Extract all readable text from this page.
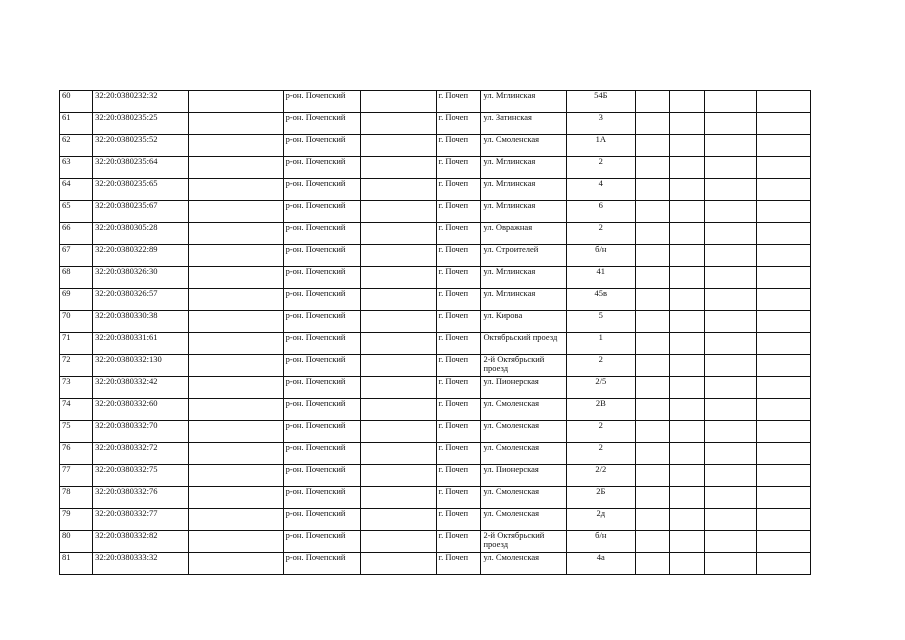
60	32:20:0380232:32		р-он. Почепский		г. Почеп	ул. Мглинская	54Б				
61	32:20:0380235:25		р-он. Почепский		г. Почеп	ул. Затинская	3				
62	32:20:0380235:52		р-он. Почепский		г. Почеп	ул. Смоленская	1А				
63	32:20:0380235:64		р-он. Почепский		г. Почеп	ул. Мглинская	2				
64	32:20:0380235:65		р-он. Почепский		г. Почеп	ул. Мглинская	4				
65	32:20:0380235:67		р-он. Почепский		г. Почеп	ул. Мглинская	6				
66	32:20:0380305:28		р-он. Почепский		г. Почеп	ул. Овражная	2				
67	32:20:0380322:89		р-он. Почепский		г. Почеп	ул. Строителей	б/н				
68	32:20:0380326:30		р-он. Почепский		г. Почеп	ул. Мглинская	41				
69	32:20:0380326:57		р-он. Почепский		г. Почеп	ул. Мглинская	45в				
70	32:20:0380330:38		р-он. Почепский		г. Почеп	ул. Кирова	5				
71	32:20:0380331:61		р-он. Почепский		г. Почеп	Октябрьский проезд	1				
72	32:20:0380332:130		р-он. Почепский		г. Почеп	2-й Октябрьский проезд	2				
73	32:20:0380332:42		р-он. Почепский		г. Почеп	ул. Пионерская	2/5				
74	32:20:0380332:60		р-он. Почепский		г. Почеп	ул. Смоленская	2В				
75	32:20:0380332:70		р-он. Почепский		г. Почеп	ул. Смоленская	2				
76	32:20:0380332:72		р-он. Почепский		г. Почеп	ул. Смоленская	2				
77	32:20:0380332:75		р-он. Почепский		г. Почеп	ул. Пионерская	2/2				
78	32:20:0380332:76		р-он. Почепский		г. Почеп	ул. Смоленская	2Б				
79	32:20:0380332:77		р-он. Почепский		г. Почеп	ул. Смоленская	2д				
80	32:20:0380332:82		р-он. Почепский		г. Почеп	2-й Октябрьский проезд	б/н				
81	32:20:0380333:32		р-он. Почепский		г. Почеп	ул. Смоленская	4а				
